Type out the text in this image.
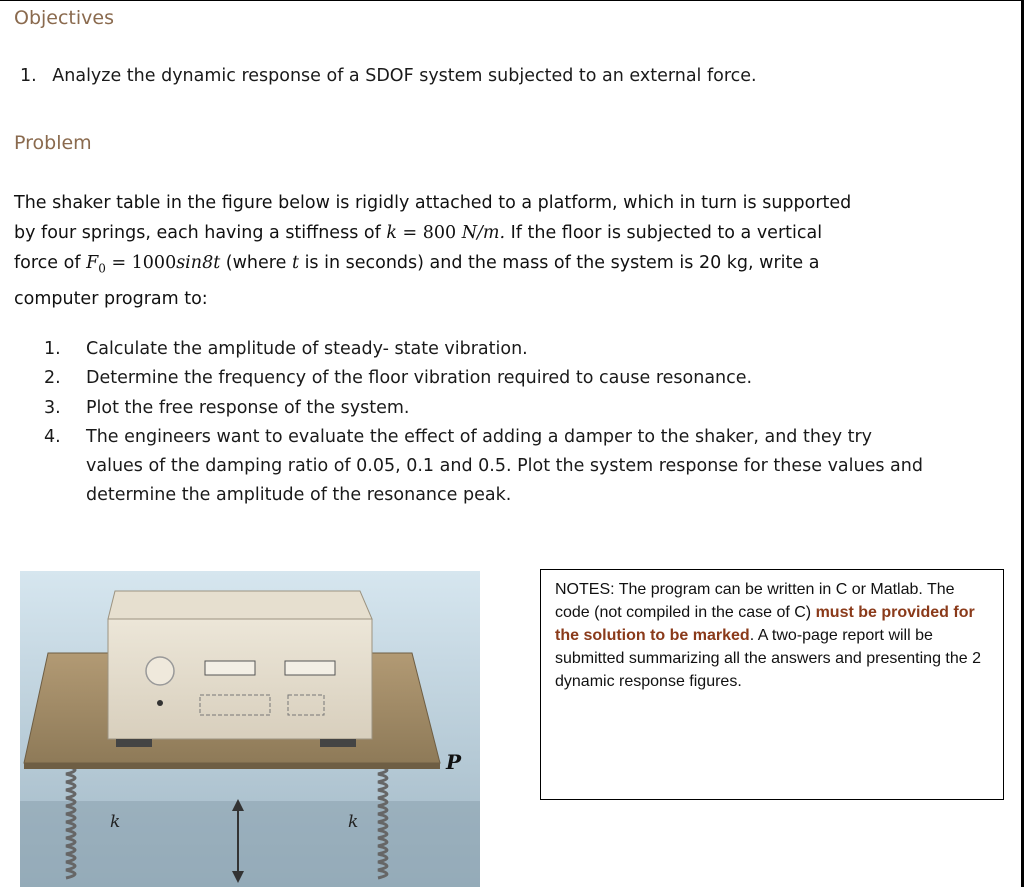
Objectives
1. Analyze the dynamic response of a SDOF system subjected to an external force.
Problem
The shaker table in the figure below is rigidly attached to a platform, which in turn is supported
by four springs, each having a stiffness of k = 800 N/m. If the floor is subjected to a vertical
force of $F_0 = 1000\sin 8t$ (where t is in seconds) and the mass of the system is 20 kg, write a
computer program to:
1. Calculate the amplitude of steady- state vibration.
2. Determine the frequency of the floor vibration required to cause resonance.
3. Plot the free response of the system.
4. The engineers want to evaluate the effect of adding a damper to the shaker, and they try values of the damping ratio of 0.05, 0.1 and 0.5. Plot the system response for these values and determine the amplitude of the resonance peak.
P
k	k
NOTES: The program can be written in C or Matlab. The code (not compiled in the case of C) must be provided for the solution to be marked. A two-page report will be submitted summarizing all the answers and presenting the 2 dynamic response figures.
